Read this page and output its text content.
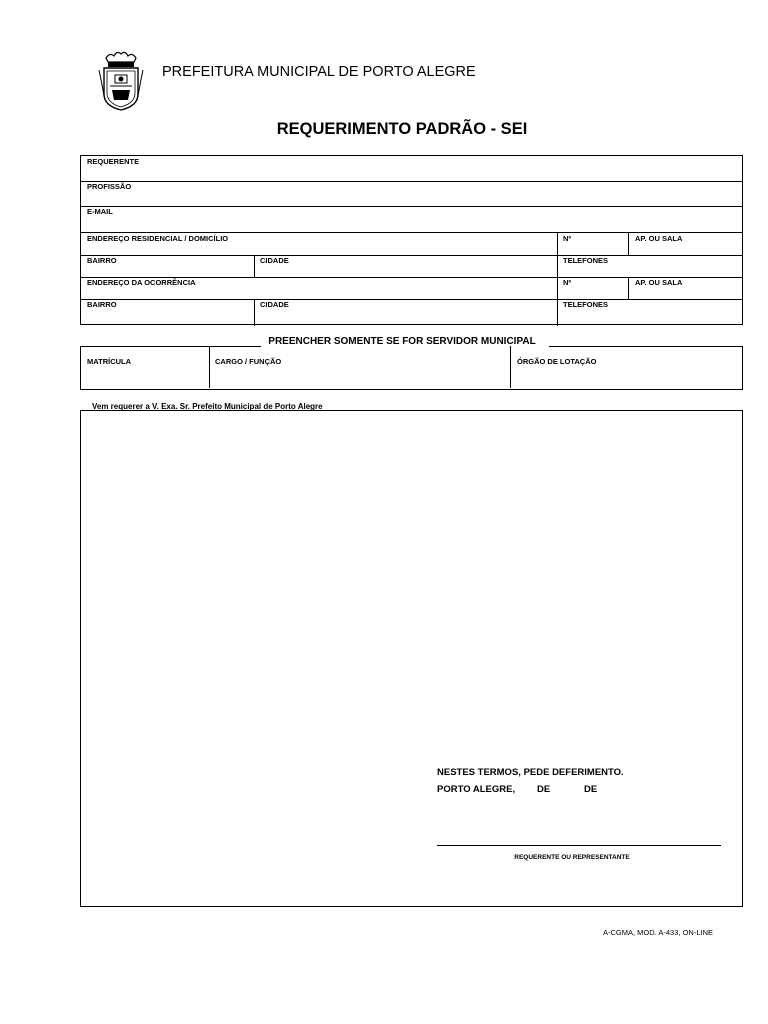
PREFEITURA MUNICIPAL DE PORTO ALEGRE
REQUERIMENTO PADRÃO - SEI
REQUERENTE
PROFISSÃO
E-MAIL
ENDEREÇO RESIDENCIAL / DOMICÍLIO	Nº	AP. OU SALA
BAIRRO	CIDADE	TELEFONES
ENDEREÇO DA OCORRÊNCIA	Nº	AP. OU SALA
BAIRRO	CIDADE	TELEFONES
PREENCHER SOMENTE SE FOR SERVIDOR MUNICIPAL
MATRÍCULA	CARGO / FUNÇÃO	ÓRGÃO DE LOTAÇÃO
Vem requerer a V. Exa. Sr. Prefeito Municipal de Porto Alegre
NESTES TERMOS, PEDE DEFERIMENTO.
PORTO ALEGRE, DE	DE
REQUERENTE OU REPRESENTANTE
A-CGMA, MOD. A-433, ON-LINE
